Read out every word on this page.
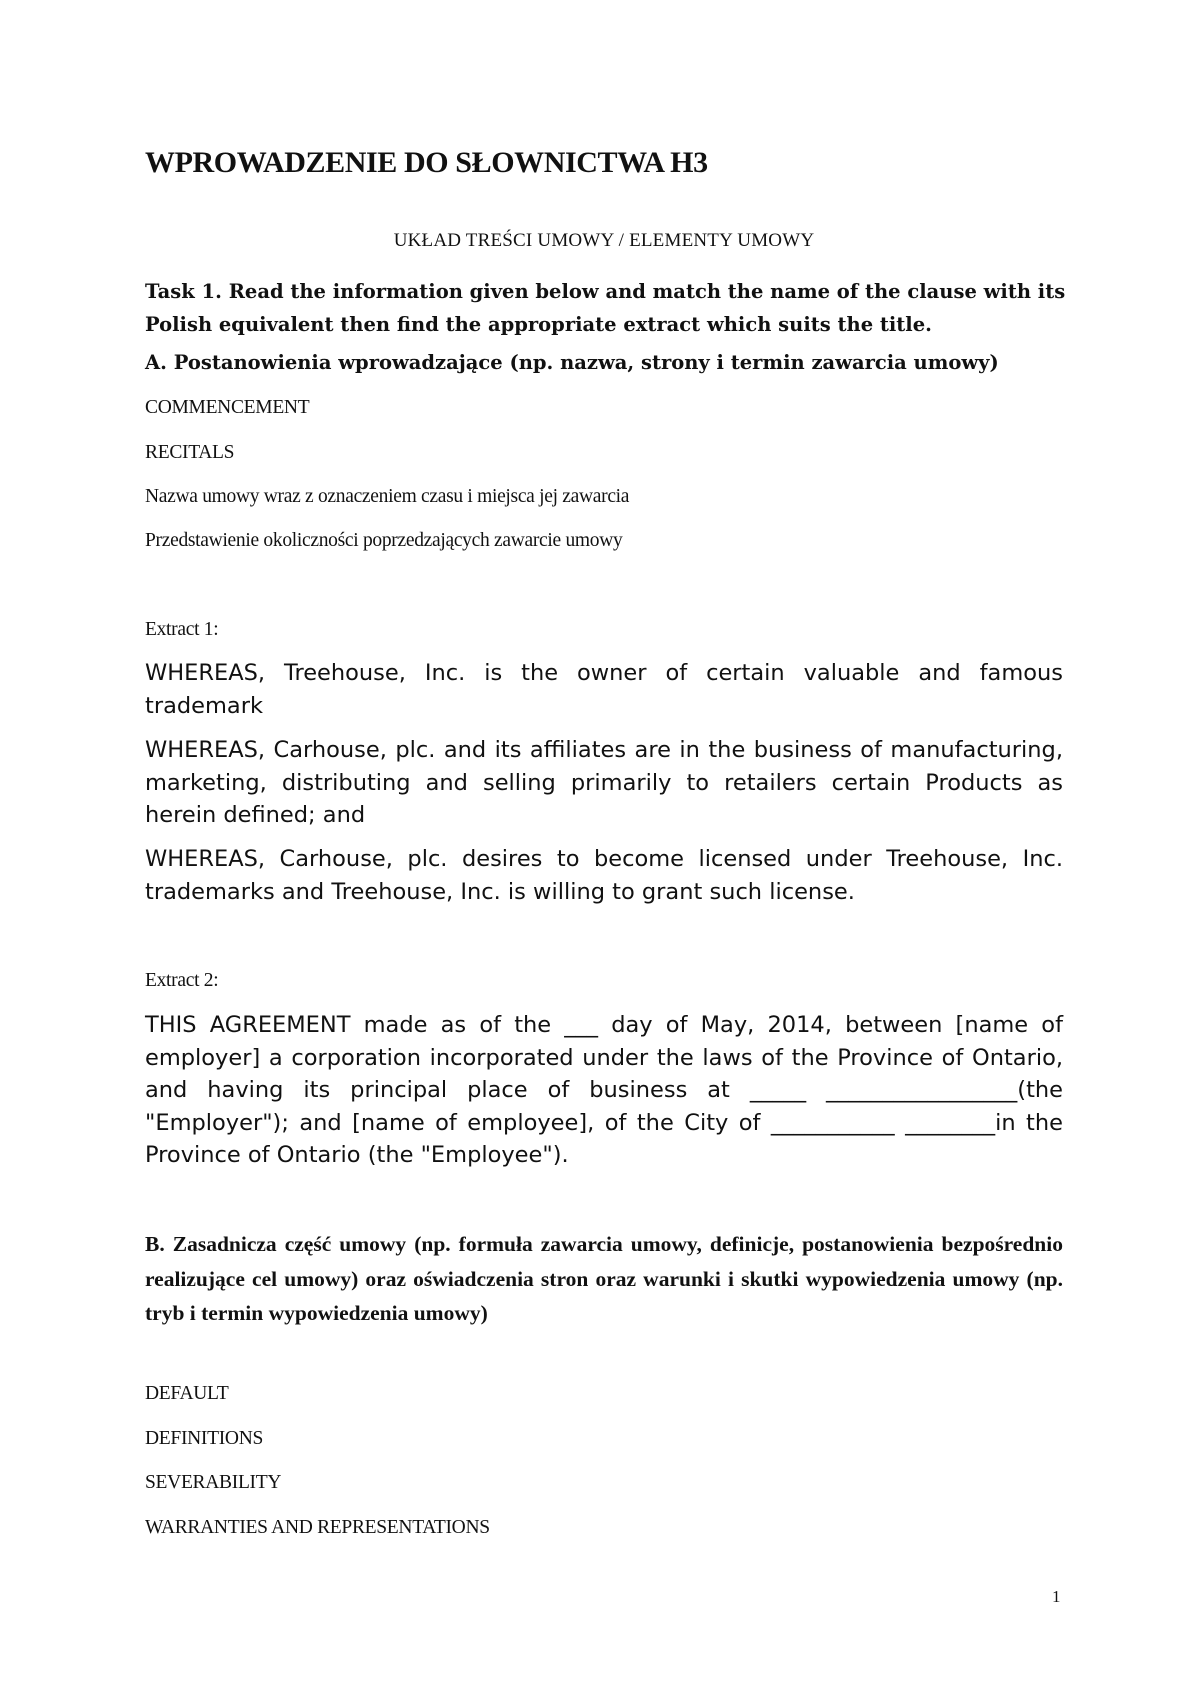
WPROWADZENIE DO SŁOWNICTWA H3
UKŁAD TREŚCI UMOWY / ELEMENTY UMOWY
Task 1. Read the information given below and match the name of the clause with its
Polish equivalent then find the appropriate extract which suits the title.
A. Postanowienia wprowadzające (np. nazwa, strony i termin zawarcia umowy)
COMMENCEMENT
RECITALS
Nazwa umowy wraz z oznaczeniem czasu i miejsca jej zawarcia
Przedstawienie okoliczności poprzedzających zawarcie umowy
Extract 1:

WHEREAS, Treehouse, Inc. is the owner of certain valuable and famous trademark

WHEREAS, Carhouse, plc. and its affiliates are in the business of manufacturing, marketing, distributing and selling primarily to retailers certain Products as herein defined; and

WHEREAS, Carhouse, plc. desires to become licensed under Treehouse, Inc. trademarks and Treehouse, Inc. is willing to grant such license.

Extract 2:

THIS AGREEMENT made as of the ___ day of May, 2014, between [name of employer] a corporation incorporated under the laws of the Province of Ontario, and having its principal place of business at _____ _________________(the "Employer"); and [name of employee], of the City of ___________ ________in the Province of Ontario (the "Employee").

B. Zasadnicza część umowy (np. formuła zawarcia umowy, definicje, postanowienia bezpośrednio realizujące cel umowy) oraz oświadczenia stron oraz warunki i skutki wypowiedzenia umowy (np. tryb i termin wypowiedzenia umowy)

DEFAULT
DEFINITIONS
SEVERABILITY
WARRANTIES AND REPRESENTATIONS
1
